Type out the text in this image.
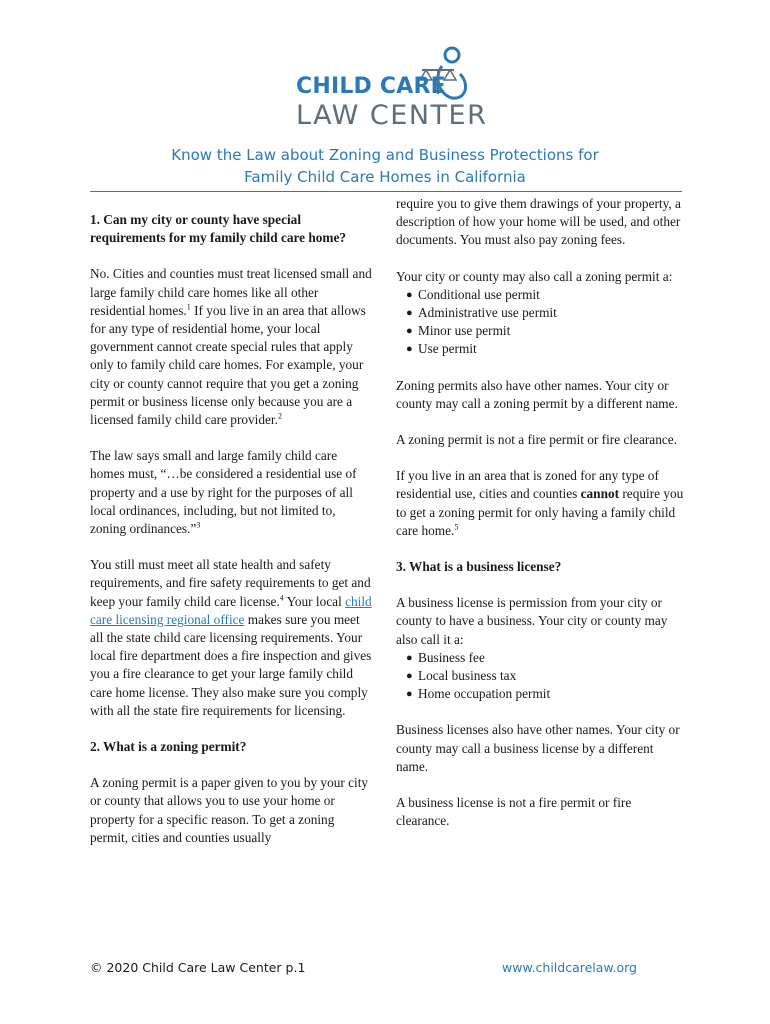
CHILD CARE
LAW CENTER
Know the Law about Zoning and Business Protections for
Family Child Care Homes in California
1. Can my city or county have special requirements for my family child care home?

No. Cities and counties must treat licensed small and large family child care homes like all other residential homes.$^1$ If you live in an area that allows for any type of residential home, your local government cannot create special rules that apply only to family child care homes. For example, your city or county cannot require that you get a zoning permit or business license only because you are a licensed family child care provider.$^2$

The law says small and large family child care homes must, “…be considered a residential use of property and a use by right for the purposes of all local ordinances, including, but not limited to, zoning ordinances.”$^3$

You still must meet all state health and safety requirements, and fire safety requirements to get and keep your family child care license.$^4$ Your local child care licensing regional office makes sure you meet all the state child care licensing requirements. Your local fire department does a fire inspection and gives you a fire clearance to get your large family child care home license. They also make sure you comply with all the state fire requirements for licensing.

2. What is a zoning permit?

A zoning permit is a paper given to you by your city or county that allows you to use your home or property for a specific reason. To get a zoning permit, cities and counties usually

require you to give them drawings of your property, a description of how your home will be used, and other documents. You must also pay zoning fees.

Your city or county may also call a zoning permit a:
● Conditional use permit
● Administrative use permit
● Minor use permit
● Use permit

Zoning permits also have other names. Your city or county may call a zoning permit by a different name.

A zoning permit is not a fire permit or fire clearance.

If you live in an area that is zoned for any type of residential use, cities and counties cannot require you to get a zoning permit for only having a family child care home.$^5$

3. What is a business license?
A business license is permission from your city or county to have a business. Your city or county may also call it a:
● Business fee
● Local business tax
● Home occupation permit

Business licenses also have other names. Your city or county may call a business license by a different name.

A business license is not a fire permit or fire clearance.

© 2020 Child Care Law Center p.1	www.childcarelaw.org
